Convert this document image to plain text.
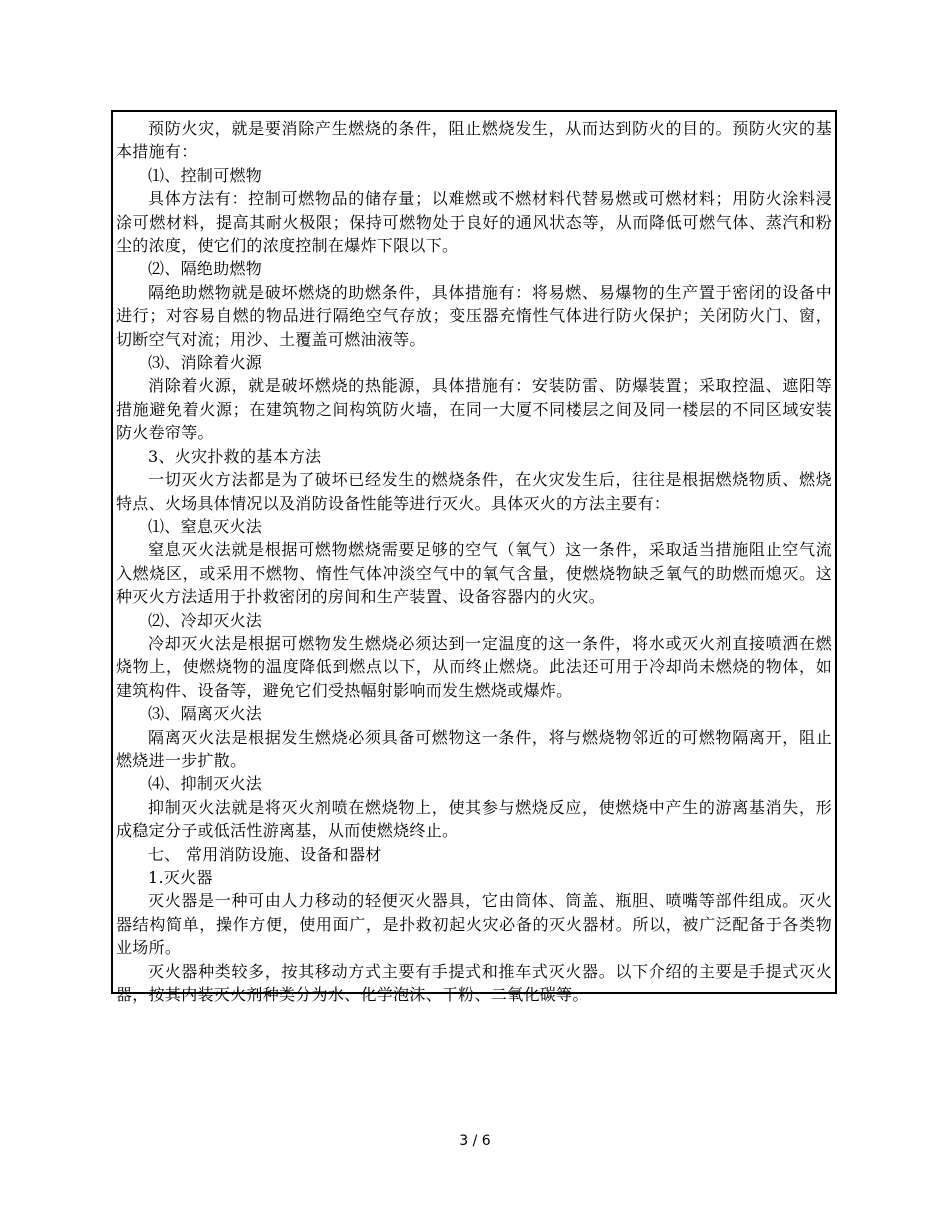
预防火灾，就是要消除产生燃烧的条件，阻止燃烧发生，从而达到防火的目的。预防火灾的基本措施有：

⑴、控制可燃物

具体方法有：控制可燃物品的储存量；以难燃或不燃材料代替易燃或可燃材料；用防火涂料浸涂可燃材料，提高其耐火极限；保持可燃物处于良好的通风状态等，从而降低可燃气体、蒸汽和粉尘的浓度，使它们的浓度控制在爆炸下限以下。

⑵、隔绝助燃物

隔绝助燃物就是破坏燃烧的助燃条件，具体措施有：将易燃、易爆物的生产置于密闭的设备中进行；对容易自燃的物品进行隔绝空气存放；变压器充惰性气体进行防火保护；关闭防火门、窗，切断空气对流；用沙、土覆盖可燃油液等。

⑶、消除着火源

消除着火源，就是破坏燃烧的热能源，具体措施有：安装防雷、防爆装置；采取控温、遮阳等措施避免着火源；在建筑物之间构筑防火墙，在同一大厦不同楼层之间及同一楼层的不同区域安装防火卷帘等。

3、火灾扑救的基本方法

一切灭火方法都是为了破坏已经发生的燃烧条件，在火灾发生后，往往是根据燃烧物质、燃烧特点、火场具体情况以及消防设备性能等进行灭火。具体灭火的方法主要有：

⑴、窒息灭火法

窒息灭火法就是根据可燃物燃烧需要足够的空气（氧气）这一条件，采取适当措施阻止空气流入燃烧区，或采用不燃物、惰性气体冲淡空气中的氧气含量，使燃烧物缺乏氧气的助燃而熄灭。这种灭火方法适用于扑救密闭的房间和生产装置、设备容器内的火灾。

⑵、冷却灭火法

冷却灭火法是根据可燃物发生燃烧必须达到一定温度的这一条件，将水或灭火剂直接喷洒在燃烧物上，使燃烧物的温度降低到燃点以下，从而终止燃烧。此法还可用于冷却尚未燃烧的物体，如建筑构件、设备等，避免它们受热幅射影响而发生燃烧或爆炸。

⑶、隔离灭火法

隔离灭火法是根据发生燃烧必须具备可燃物这一条件，将与燃烧物邻近的可燃物隔离开，阻止燃烧进一步扩散。

⑷、抑制灭火法

抑制灭火法就是将灭火剂喷在燃烧物上，使其参与燃烧反应，使燃烧中产生的游离基消失，形成稳定分子或低活性游离基，从而使燃烧终止。

七、 常用消防设施、设备和器材

1.灭火器

灭火器是一种可由人力移动的轻便灭火器具，它由筒体、筒盖、瓶胆、喷嘴等部件组成。灭火器结构简单，操作方便，使用面广，是扑救初起火灾必备的灭火器材。所以，被广泛配备于各类物业场所。

灭火器种类较多，按其移动方式主要有手提式和推车式灭火器。以下介绍的主要是手提式灭火器，按其内装灭火剂种类分为水、化学泡沫、干粉、二氧化碳等。

3 / 6
